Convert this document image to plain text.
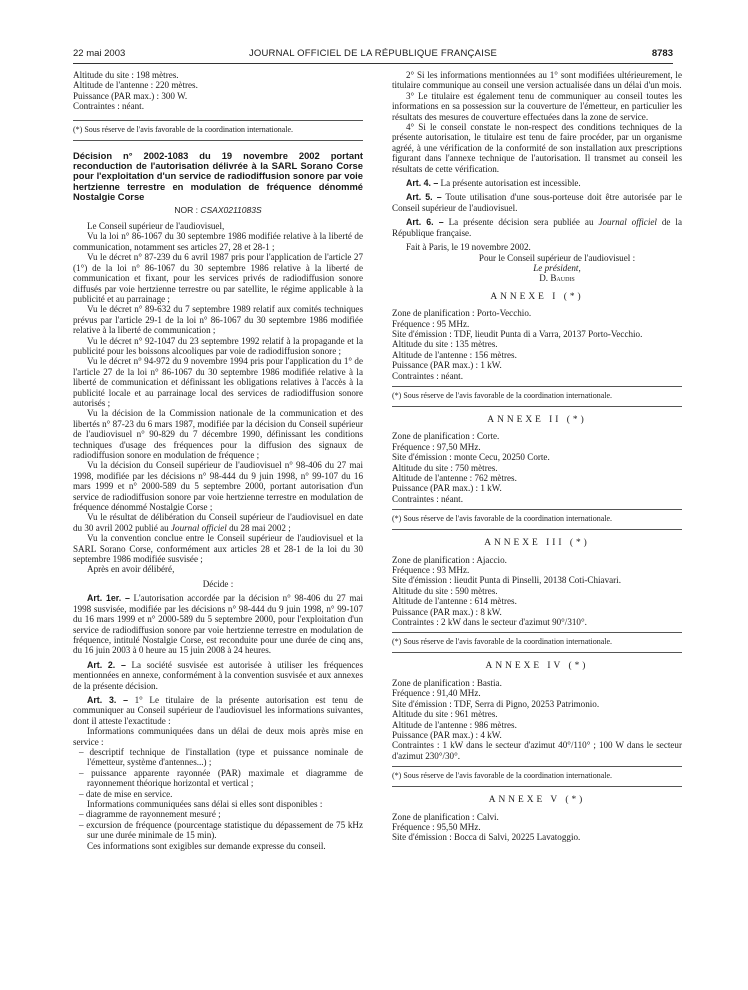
22 mai 2003	JOURNAL OFFICIEL DE LA RÉPUBLIQUE FRANÇAISE	8783

Altitude du site : 198 mètres.

Altitude de l'antenne : 220 mètres.

Puissance (PAR max.) : 300 W.

Contraintes : néant.

(*) Sous réserve de l'avis favorable de la coordination internationale.

Décision n° 2002-1083 du 19 novembre 2002 portant reconduction de l'autorisation délivrée à la SARL Sorano Corse pour l'exploitation d'un service de radiodiffusion sonore par voie hertzienne terrestre en modulation de fréquence dénommé Nostalgie Corse

NOR : CSAX0211083S

Le Conseil supérieur de l'audiovisuel,

Vu la loi n° 86-1067 du 30 septembre 1986 modifiée relative à la liberté de communication, notamment ses articles 27, 28 et 28-1 ;

Vu le décret n° 87-239 du 6 avril 1987 pris pour l'application de l'article 27 (1°) de la loi n° 86-1067 du 30 septembre 1986 relative à la liberté de communication et fixant, pour les services privés de radiodiffusion sonore diffusés par voie hertzienne terrestre ou par satellite, le régime applicable à la publicité et au parrainage ;

Vu le décret n° 89-632 du 7 septembre 1989 relatif aux comités techniques prévus par l'article 29-1 de la loi n° 86-1067 du 30 septembre 1986 modifiée relative à la liberté de communication ;

Vu le décret n° 92-1047 du 23 septembre 1992 relatif à la propagande et la publicité pour les boissons alcooliques par voie de radiodiffusion sonore ;

Vu le décret n° 94-972 du 9 novembre 1994 pris pour l'application du 1° de l'article 27 de la loi n° 86-1067 du 30 septembre 1986 modifiée relative à la liberté de communication et définissant les obligations relatives à l'accès à la publicité locale et au parrainage local des services de radiodiffusion sonore autorisés ;

Vu la décision de la Commission nationale de la communication et des libertés n° 87-23 du 6 mars 1987, modifiée par la décision du Conseil supérieur de l'audiovisuel n° 90-829 du 7 décembre 1990, définissant les conditions techniques d'usage des fréquences pour la diffusion des signaux de radiodiffusion sonore en modulation de fréquence ;

Vu la décision du Conseil supérieur de l'audiovisuel n° 98-406 du 27 mai 1998, modifiée par les décisions n° 98-444 du 9 juin 1998, n° 99-107 du 16 mars 1999 et n° 2000-589 du 5 septembre 2000, portant autorisation d'un service de radiodiffusion sonore par voie hertzienne terrestre en modulation de fréquence dénommé Nostalgie Corse ;

Vu le résultat de délibération du Conseil supérieur de l'audiovisuel en date du 30 avril 2002 publié au Journal officiel du 28 mai 2002 ;

Vu la convention conclue entre le Conseil supérieur de l'audiovisuel et la SARL Sorano Corse, conformément aux articles 28 et 28-1 de la loi du 30 septembre 1986 modifiée susvisée ;

Après en avoir délibéré,

Décide :

Art. 1er. – L'autorisation accordée par la décision n° 98-406 du 27 mai 1998 susvisée, modifiée par les décisions n° 98-444 du 9 juin 1998, n° 99-107 du 16 mars 1999 et n° 2000-589 du 5 septembre 2000, pour l'exploitation d'un service de radiodiffusion sonore par voie hertzienne terrestre en modulation de fréquence, intitulé Nostalgie Corse, est reconduite pour une durée de cinq ans, du 16 juin 2003 à 0 heure au 15 juin 2008 à 24 heures.

Art. 2. – La société susvisée est autorisée à utiliser les fréquences mentionnées en annexe, conformément à la convention susvisée et aux annexes de la présente décision.

Art. 3. – 1° Le titulaire de la présente autorisation est tenu de communiquer au Conseil supérieur de l'audiovisuel les informations suivantes, dont il atteste l'exactitude :

Informations communiquées dans un délai de deux mois après mise en service :

– descriptif technique de l'installation (type et puissance nominale de l'émetteur, système d'antennes...) ;

– puissance apparente rayonnée (PAR) maximale et diagramme de rayonnement théorique horizontal et vertical ;

– date de mise en service.

Informations communiquées sans délai si elles sont disponibles :

– diagramme de rayonnement mesuré ;

– excursion de fréquence (pourcentage statistique du dépassement de 75 kHz sur une durée minimale de 15 min).

Ces informations sont exigibles sur demande expresse du conseil.

2° Si les informations mentionnées au 1° sont modifiées ultérieurement, le titulaire communique au conseil une version actualisée dans un délai d'un mois.

3° Le titulaire est également tenu de communiquer au conseil toutes les informations en sa possession sur la couverture de l'émetteur, en particulier les résultats des mesures de couverture effectuées dans la zone de service.

4° Si le conseil constate le non-respect des conditions techniques de la présente autorisation, le titulaire est tenu de faire procéder, par un organisme agréé, à une vérification de la conformité de son installation aux prescriptions figurant dans l'annexe technique de l'autorisation. Il transmet au conseil les résultats de cette vérification.

Art. 4. – La présente autorisation est incessible.

Art. 5. – Toute utilisation d'une sous-porteuse doit être autorisée par le Conseil supérieur de l'audiovisuel.

Art. 6. – La présente décision sera publiée au Journal officiel de la République française.

Fait à Paris, le 19 novembre 2002.

Pour le Conseil supérieur de l'audiovisuel :

Le président,

D. Baudis

ANNEXE I (*)

Zone de planification : Porto-Vecchio.

Fréquence : 95 MHz.

Site d'émission : TDF, lieudit Punta di a Varra, 20137 Porto-Vecchio.

Altitude du site : 135 mètres.

Altitude de l'antenne : 156 mètres.

Puissance (PAR max.) : 1 kW.

Contraintes : néant.

(*) Sous réserve de l'avis favorable de la coordination internationale.

ANNEXE II (*)

Zone de planification : Corte.

Fréquence : 97,50 MHz.

Site d'émission : monte Cecu, 20250 Corte.

Altitude du site : 750 mètres.

Altitude de l'antenne : 762 mètres.

Puissance (PAR max.) : 1 kW.

Contraintes : néant.

(*) Sous réserve de l'avis favorable de la coordination internationale.

ANNEXE III (*)

Zone de planification : Ajaccio.

Fréquence : 93 MHz.

Site d'émission : lieudit Punta di Pinselli, 20138 Coti-Chiavari.

Altitude du site : 590 mètres.

Altitude de l'antenne : 614 mètres.

Puissance (PAR max.) : 8 kW.

Contraintes : 2 kW dans le secteur d'azimut 90°/310°.

(*) Sous réserve de l'avis favorable de la coordination internationale.

ANNEXE IV (*)

Zone de planification : Bastia.

Fréquence : 91,40 MHz.

Site d'émission : TDF, Serra di Pigno, 20253 Patrimonio.

Altitude du site : 961 mètres.

Altitude de l'antenne : 986 mètres.

Puissance (PAR max.) : 4 kW.

Contraintes : 1 kW dans le secteur d'azimut 40°/110° ; 100 W dans le secteur d'azimut 230°/30°.

(*) Sous réserve de l'avis favorable de la coordination internationale.

ANNEXE V (*)

Zone de planification : Calvi.

Fréquence : 95,50 MHz.

Site d'émission : Bocca di Salvi, 20225 Lavatoggio.
